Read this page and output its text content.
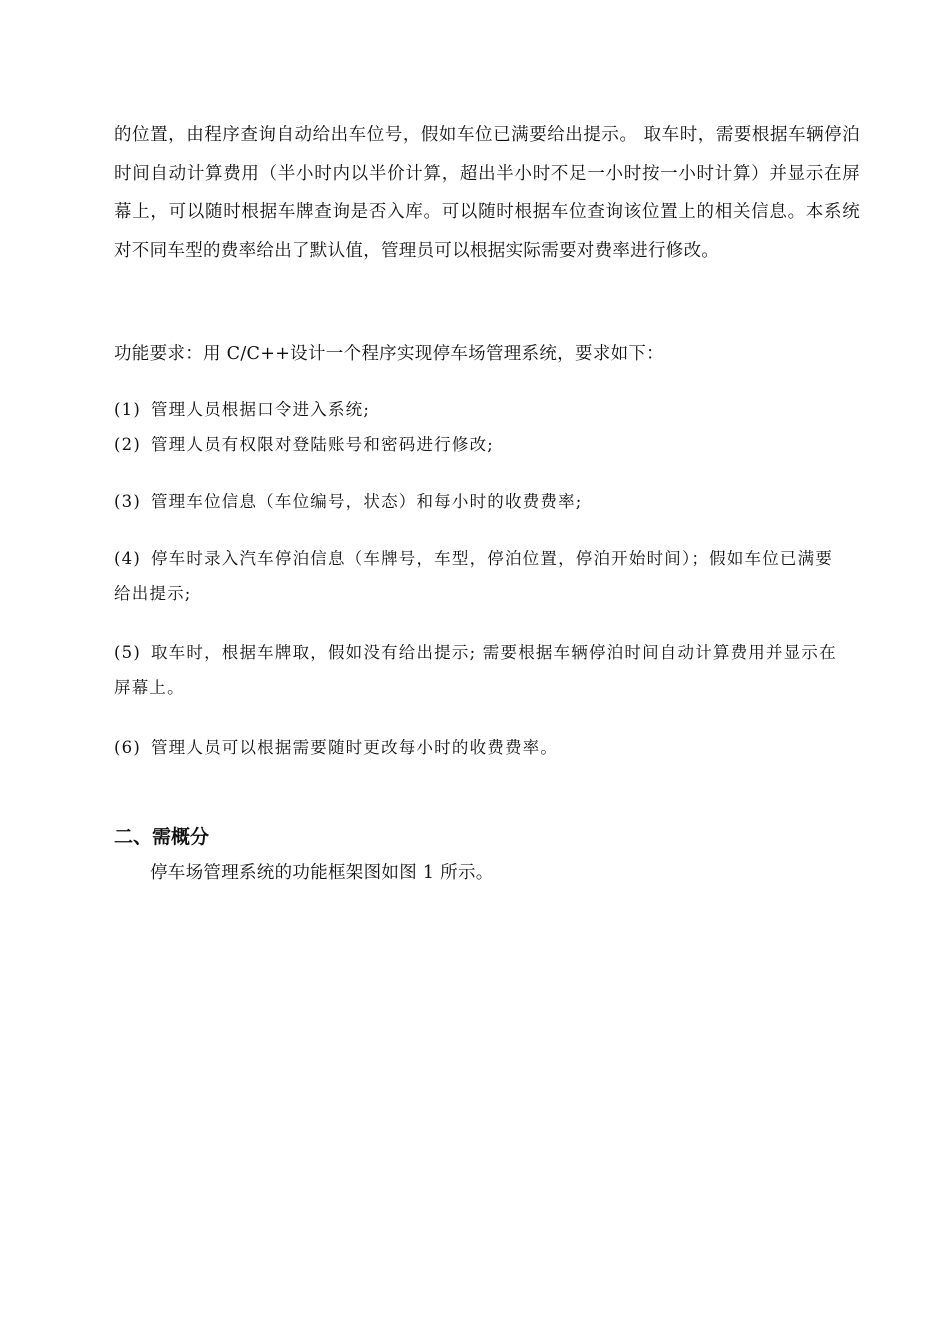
的位置，由程序查询自动给出车位号，假如车位已满要给出提示。 取车时，需要根据车辆停泊时间自动计算费用（半小时内以半价计算，超出半小时不足一小时按一小时计算）并显示在屏幕上，可以随时根据车牌查询是否入库。可以随时根据车位查询该位置上的相关信息。本系统对不同车型的费率给出了默认值，管理员可以根据实际需要对费率进行修改。

功能要求：用 C/C++设计一个程序实现停车场管理系统，要求如下：

(1) 管理人员根据口令进入系统;
(2) 管理人员有权限对登陆账号和密码进行修改;
(3) 管理车位信息（车位编号，状态）和每小时的收费费率;
(4) 停车时录入汽车停泊信息（车牌号，车型，停泊位置，停泊开始时间）；假如车位已满要给出提示;
(5) 取车时，根据车牌取，假如没有给出提示; 需要根据车辆停泊时间自动计算费用并显示在屏幕上。
(6) 管理人员可以根据需要随时更改每小时的收费费率。
二、需概分
停车场管理系统的功能框架图如图 1 所示。
